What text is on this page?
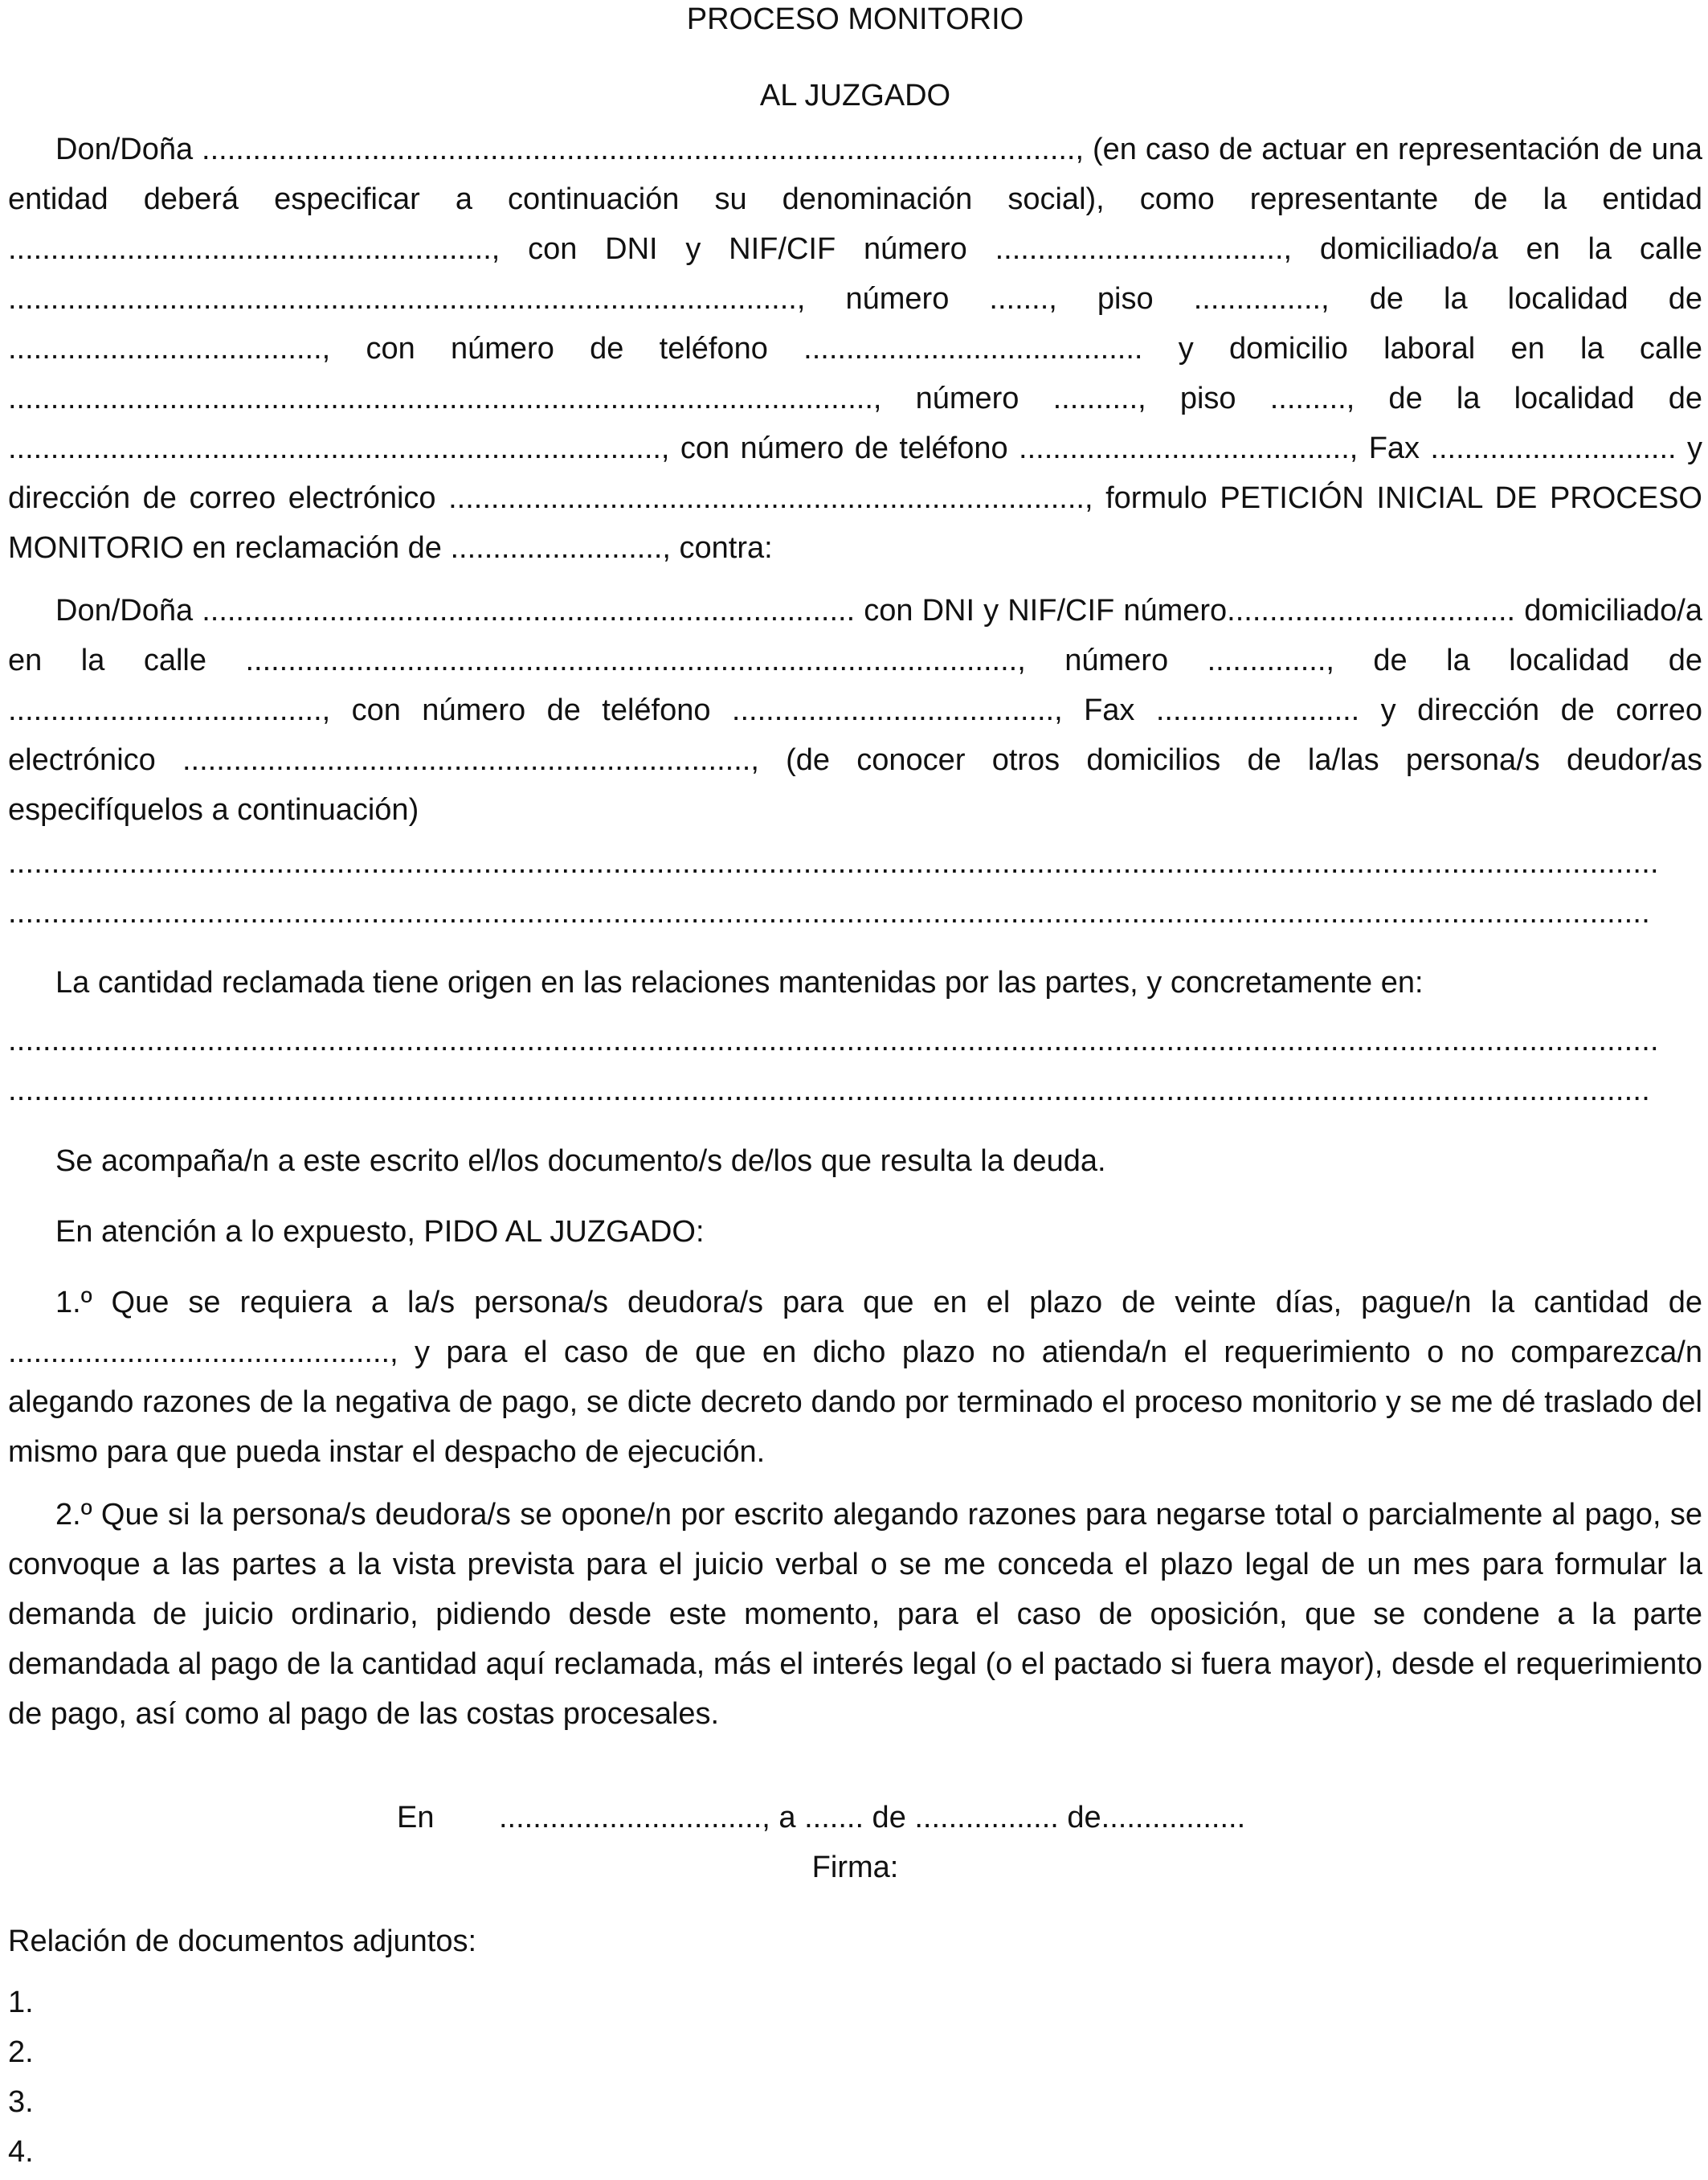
PROCESO MONITORIO
AL JUZGADO

Don/Doña ......................................................................................................., (en caso de actuar en representación de una entidad deberá especificar a continuación su denominación social), como representante de la entidad ........................................................., con DNI y NIF/CIF número .................................., domiciliado/a en la calle ............................................................................................., número ......., piso ..............., de la localidad de ....................................., con número de teléfono ........................................ y domicilio laboral en la calle ......................................................................................................, número .........., piso ........., de la localidad de ............................................................................., con número de teléfono ......................................., Fax ............................. y dirección de correo electrónico ..........................................................................., formulo PETICIÓN INICIAL DE PROCESO MONITORIO en reclamación de ........................., contra:

Don/Doña ............................................................................. con DNI y NIF/CIF número.................................. domiciliado/a en la calle ..........................................................................................., número .............., de la localidad de ....................................., con número de teléfono ......................................, Fax ........................ y dirección de correo electrónico ..................................................................., (de conocer otros domicilios de la/las persona/s deudor/as especifíquelos a continuación)

...............................................................................................................................................................................................

..............................................................................................................................................................................................

La cantidad reclamada tiene origen en las relaciones mantenidas por las partes, y concretamente en:

...............................................................................................................................................................................................

..............................................................................................................................................................................................

Se acompaña/n a este escrito el/los documento/s de/los que resulta la deuda.

En atención a lo expuesto, PIDO AL JUZGADO:

1.º Que se requiera a la/s persona/s deudora/s para que en el plazo de veinte días, pague/n la cantidad de ............................................., y para el caso de que en dicho plazo no atienda/n el requerimiento o no comparezca/n alegando razones de la negativa de pago, se dicte decreto dando por terminado el proceso monitorio y se me dé traslado del mismo para que pueda instar el despacho de ejecución.

2.º Que si la persona/s deudora/s se opone/n por escrito alegando razones para negarse total o parcialmente al pago, se convoque a las partes a la vista prevista para el juicio verbal o se me conceda el plazo legal de un mes para formular la demanda de juicio ordinario, pidiendo desde este momento, para el caso de oposición, que se condene a la parte demandada al pago de la cantidad aquí reclamada, más el interés legal (o el pactado si fuera mayor), desde el requerimiento de pago, así como al pago de las costas procesales.

En ..............................., a ....... de ................. de.................

Firma:

Relación de documentos adjuntos:

1.
2.
3.
4.
